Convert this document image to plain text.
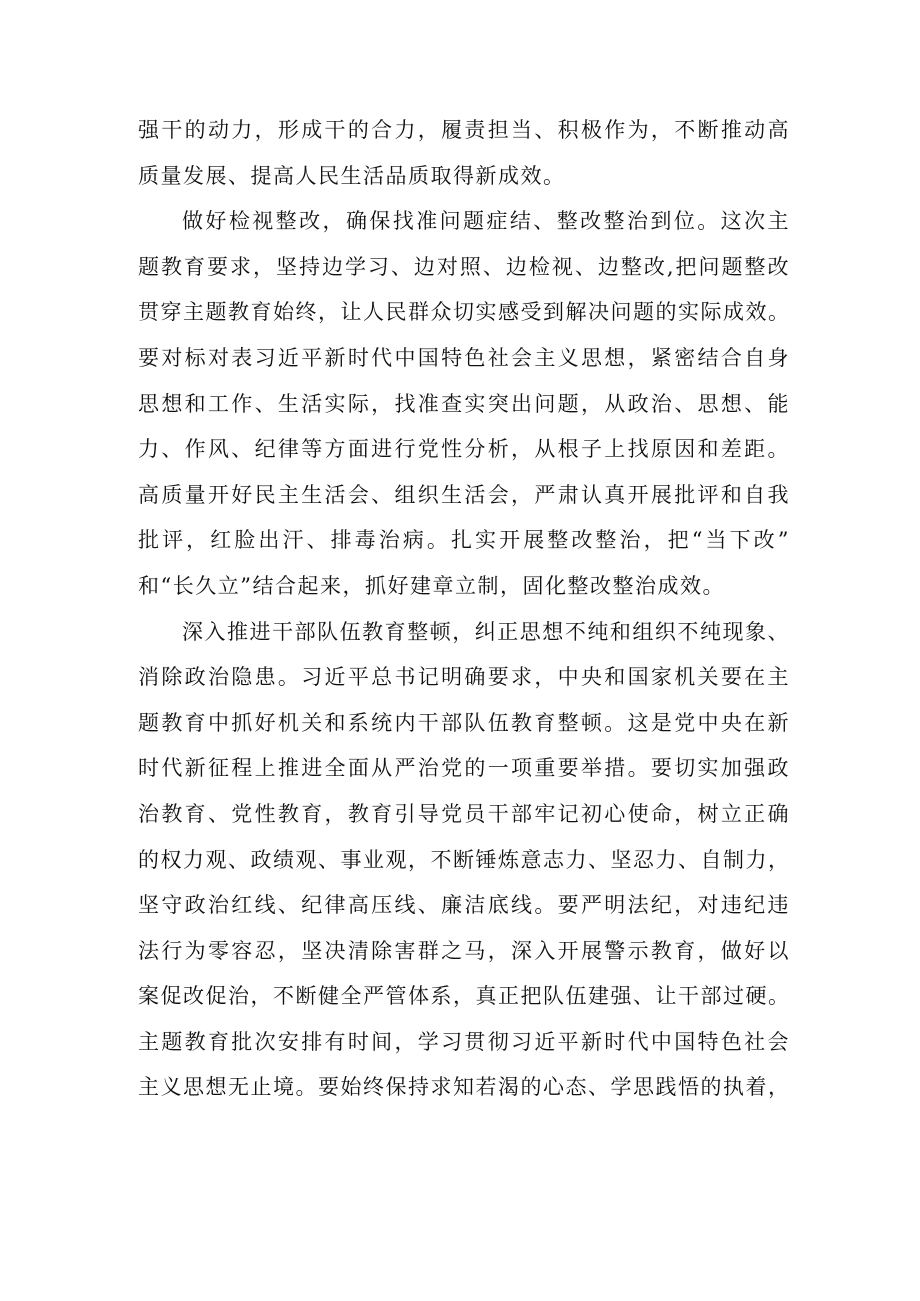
强干的动力，形成干的合力，履责担当、积极作为，不断推动高
质量发展、提高人民生活品质取得新成效。
做好检视整改，确保找准问题症结、整改整治到位。这次主
题教育要求，坚持边学习、边对照、边检视、边整改,把问题整改
贯穿主题教育始终，让人民群众切实感受到解决问题的实际成效。
要对标对表习近平新时代中国特色社会主义思想，紧密结合自身
思想和工作、生活实际，找准查实突出问题，从政治、思想、能
力、作风、纪律等方面进行党性分析，从根子上找原因和差距。
高质量开好民主生活会、组织生活会，严肃认真开展批评和自我
批评，红脸出汗、排毒治病。扎实开展整改整治，把“当下改”
和“长久立”结合起来，抓好建章立制，固化整改整治成效。
深入推进干部队伍教育整顿，纠正思想不纯和组织不纯现象、
消除政治隐患。习近平总书记明确要求，中央和国家机关要在主
题教育中抓好机关和系统内干部队伍教育整顿。这是党中央在新
时代新征程上推进全面从严治党的一项重要举措。要切实加强政
治教育、党性教育，教育引导党员干部牢记初心使命，树立正确
的权力观、政绩观、事业观，不断锤炼意志力、坚忍力、自制力，
坚守政治红线、纪律高压线、廉洁底线。要严明法纪，对违纪违
法行为零容忍，坚决清除害群之马，深入开展警示教育，做好以
案促改促治，不断健全严管体系，真正把队伍建强、让干部过硬。
主题教育批次安排有时间，学习贯彻习近平新时代中国特色社会
主义思想无止境。要始终保持求知若渴的心态、学思践悟的执着，
